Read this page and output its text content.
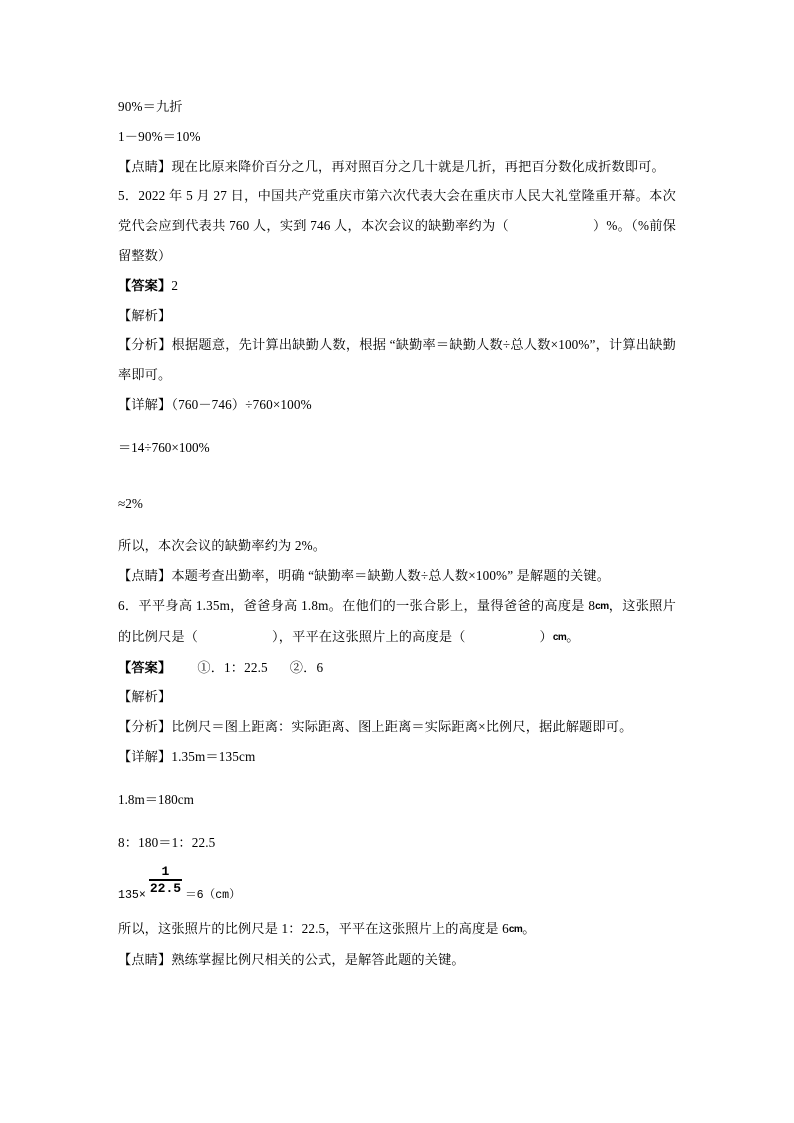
90%＝九折

1－90%＝10%

【点睛】现在比原来降价百分之几，再对照百分之几十就是几折，再把百分数化成折数即可。

5．2022 年 5 月 27 日，中国共产党重庆市第六次代表大会在重庆市人民大礼堂隆重开幕。本次党代会应到代表共 760 人，实到 746 人，本次会议的缺勤率约为（	）%。（%前保留整数）

【答案】2

【解析】

【分析】根据题意，先计算出缺勤人数，根据 “缺勤率＝缺勤人数÷总人数×100%”，计算出缺勤率即可。

【详解】（760－746）÷760×100%

＝14÷760×100%

≈2%

所以，本次会议的缺勤率约为 2%。

【点睛】本题考查出勤率，明确 “缺勤率＝缺勤人数÷总人数×100%” 是解题的关键。

6．平平身高 1.35m，爸爸身高 1.8m。在他们的一张合影上，量得爸爸的高度是 8cm，这张照片的比例尺是（	），平平在这张照片上的高度是（	）cm。

【答案】 ①．1：22.5 ②．6

【解析】

【分析】比例尺＝图上距离：实际距离、图上距离＝实际距离×比例尺，据此解题即可。

【详解】1.35m＝135cm

1.8m＝180cm

8：180＝1：22.5

$135\times \frac{1}{22.5} =6(cm)$

所以，这张照片的比例尺是 1：22.5，平平在这张照片上的高度是 6cm。

【点睛】熟练掌握比例尺相关的公式，是解答此题的关键。
